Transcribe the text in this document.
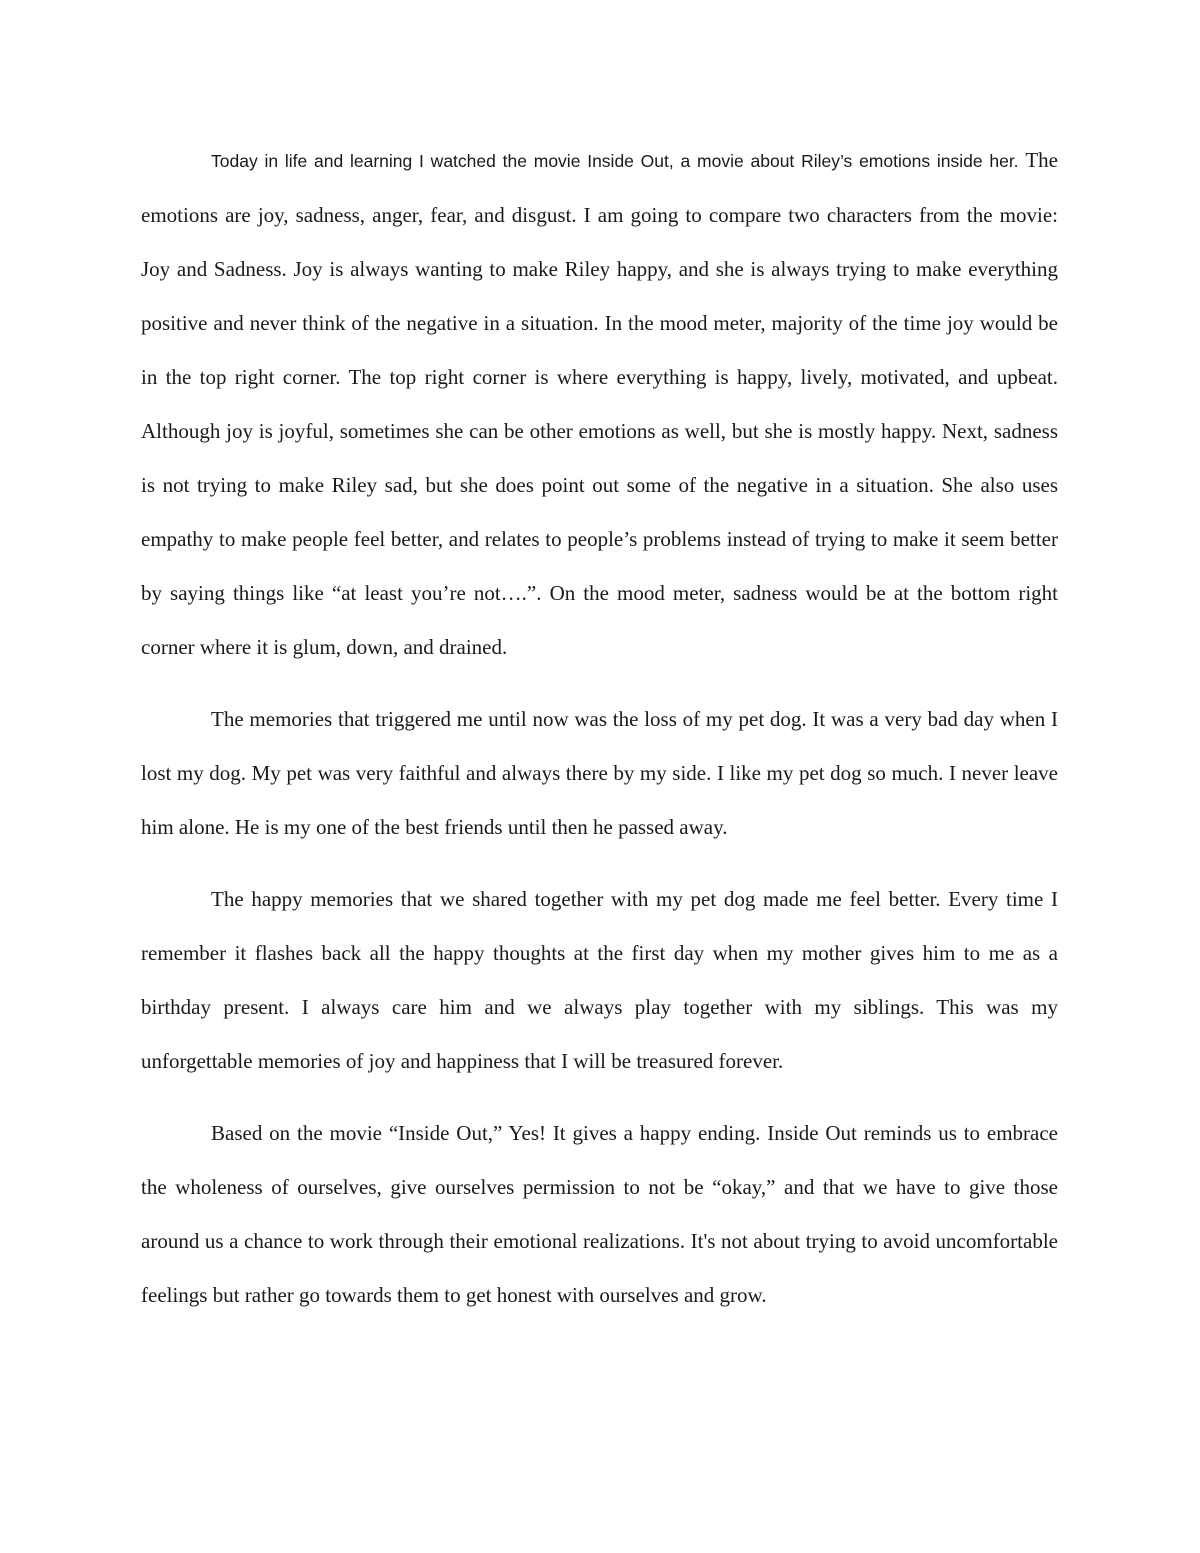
Today in life and learning I watched the movie Inside Out, a movie about Riley’s emotions inside her. The emotions are joy, sadness, anger, fear, and disgust. I am going to compare two characters from the movie: Joy and Sadness. Joy is always wanting to make Riley happy, and she is always trying to make everything positive and never think of the negative in a situation. In the mood meter, majority of the time joy would be in the top right corner. The top right corner is where everything is happy, lively, motivated, and upbeat. Although joy is joyful, sometimes she can be other emotions as well, but she is mostly happy. Next, sadness is not trying to make Riley sad, but she does point out some of the negative in a situation. She also uses empathy to make people feel better, and relates to people’s problems instead of trying to make it seem better by saying things like “at least you’re not….”. On the mood meter, sadness would be at the bottom right corner where it is glum, down, and drained.

The memories that triggered me until now was the loss of my pet dog. It was a very bad day when I lost my dog. My pet was very faithful and always there by my side. I like my pet dog so much. I never leave him alone. He is my one of the best friends until then he passed away.

The happy memories that we shared together with my pet dog made me feel better. Every time I remember it flashes back all the happy thoughts at the first day when my mother gives him to me as a birthday present. I always care him and we always play together with my siblings. This was my unforgettable memories of joy and happiness that I will be treasured forever.

Based on the movie “Inside Out,” Yes! It gives a happy ending. Inside Out reminds us to embrace the wholeness of ourselves, give ourselves permission to not be “okay,” and that we have to give those around us a chance to work through their emotional realizations. It's not about trying to avoid uncomfortable feelings but rather go towards them to get honest with ourselves and grow.
